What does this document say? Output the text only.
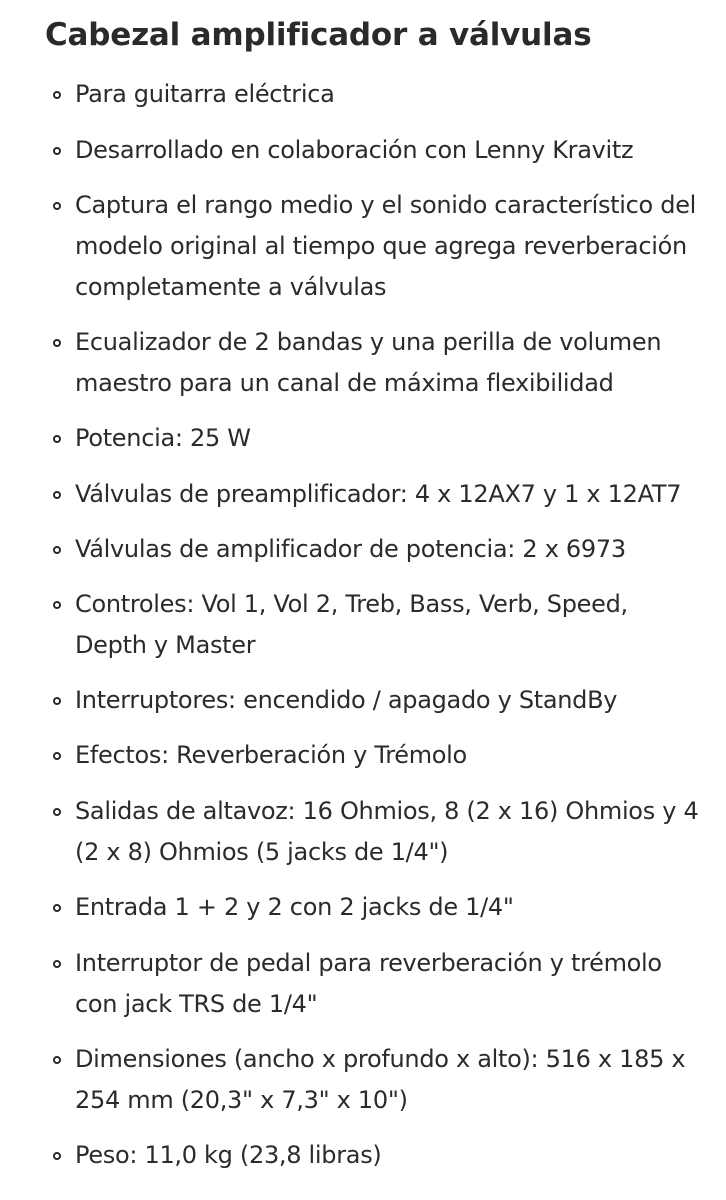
Cabezal amplificador a válvulas
Para guitarra eléctrica
Desarrollado en colaboración con Lenny Kravitz
Captura el rango medio y el sonido característico del modelo original al tiempo que agrega reverberación completamente a válvulas
Ecualizador de 2 bandas y una perilla de volumen maestro para un canal de máxima flexibilidad
Potencia: 25 W
Válvulas de preamplificador: 4 x 12AX7 y 1 x 12AT7
Válvulas de amplificador de potencia: 2 x 6973
Controles: Vol 1, Vol 2, Treb, Bass, Verb, Speed, Depth y Master
Interruptores: encendido / apagado y StandBy
Efectos: Reverberación y Trémolo
Salidas de altavoz: 16 Ohmios, 8 (2 x 16) Ohmios y 4 (2 x 8) Ohmios (5 jacks de 1/4")
Entrada 1 + 2 y 2 con 2 jacks de 1/4"
Interruptor de pedal para reverberación y trémolo con jack TRS de 1/4"
Dimensiones (ancho x profundo x alto): 516 x 185 x 254 mm (20,3" x 7,3" x 10")
Peso: 11,0 kg (23,8 libras)
